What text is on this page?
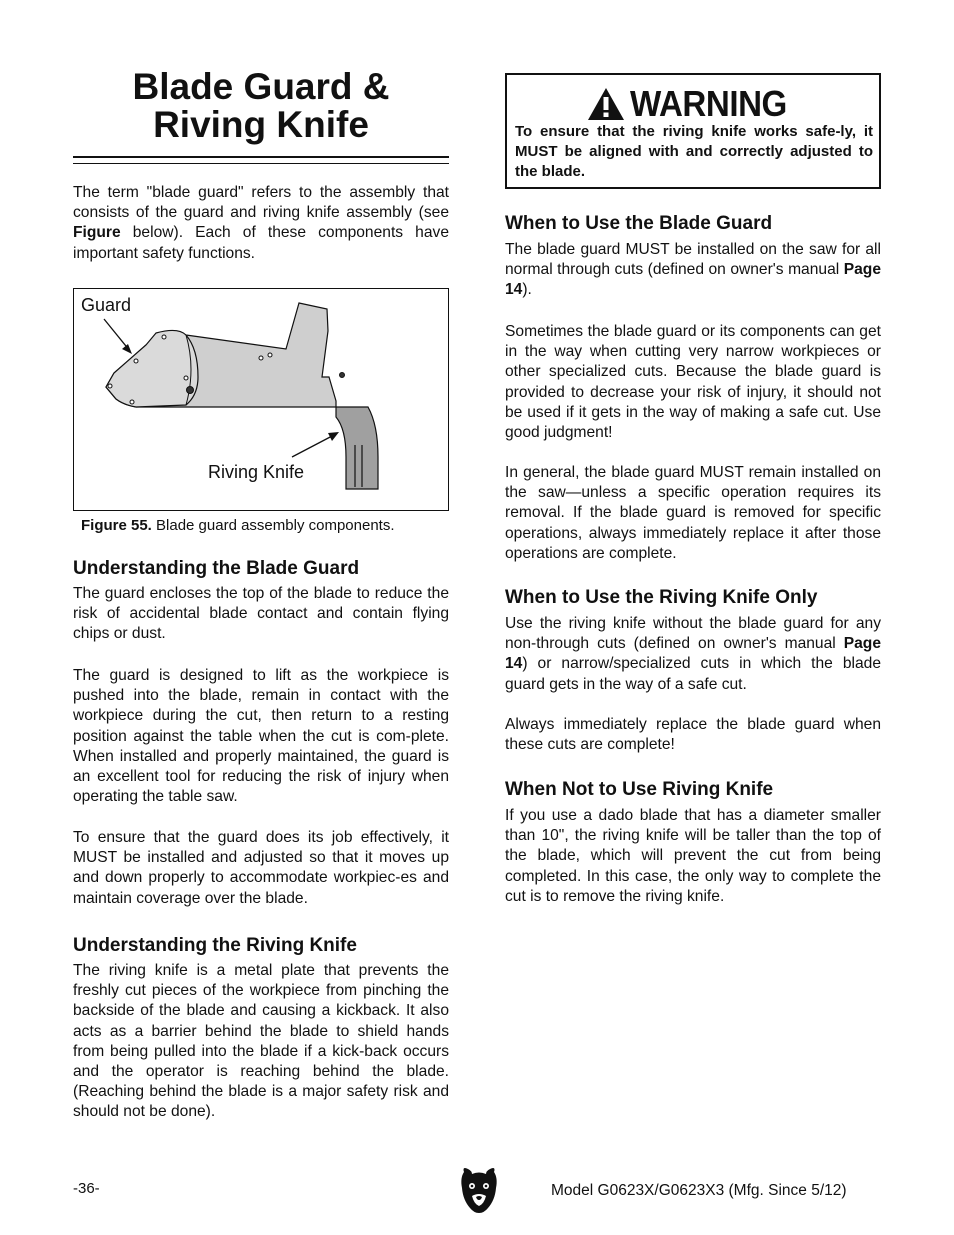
Blade Guard &
Riving Knife

The term "blade guard" refers to the assembly that consists of the guard and riving knife assembly (see Figure below). Each of these components have important safety functions.

Guard
Riving Knife
Figure 55. Blade guard assembly components.
Understanding the Blade Guard

The guard encloses the top of the blade to reduce the risk of accidental blade contact and contain flying chips or dust.

The guard is designed to lift as the workpiece is pushed into the blade, remain in contact with the workpiece during the cut, then return to a resting position against the table when the cut is com-plete. When installed and properly maintained, the guard is an excellent tool for reducing the risk of injury when operating the table saw.

To ensure that the guard does its job effectively, it MUST be installed and adjusted so that it moves up and down properly to accommodate workpiec-es and maintain coverage over the blade.

Understanding the Riving Knife

The riving knife is a metal plate that prevents the freshly cut pieces of the workpiece from pinching the backside of the blade and causing a kickback. It also acts as a barrier behind the blade to shield hands from being pulled into the blade if a kick-back occurs and the operator is reaching behind the blade. (Reaching behind the blade is a major safety risk and should not be done).

WARNING

To ensure that the riving knife works safe-ly, it MUST be aligned with and correctly adjusted to the blade.

When to Use the Blade Guard

The blade guard MUST be installed on the saw for all normal through cuts (defined on owner's manual Page 14).

Sometimes the blade guard or its components can get in the way when cutting very narrow workpieces or other specialized cuts. Because the blade guard is provided to decrease your risk of injury, it should not be used if it gets in the way of making a safe cut. Use good judgment!

In general, the blade guard MUST remain installed on the saw—unless a specific operation requires its removal. If the blade guard is removed for specific operations, always immediately replace it after those operations are complete.

When to Use the Riving Knife Only

Use the riving knife without the blade guard for any non-through cuts (defined on owner's manual Page 14) or narrow/specialized cuts in which the blade guard gets in the way of a safe cut.

Always immediately replace the blade guard when these cuts are complete!

When Not to Use Riving Knife

If you use a dado blade that has a diameter smaller than 10", the riving knife will be taller than the top of the blade, which will prevent the cut from being completed. In this case, the only way to complete the cut is to remove the riving knife.

-36-	Model G0623X/G0623X3 (Mfg. Since 5/12)
